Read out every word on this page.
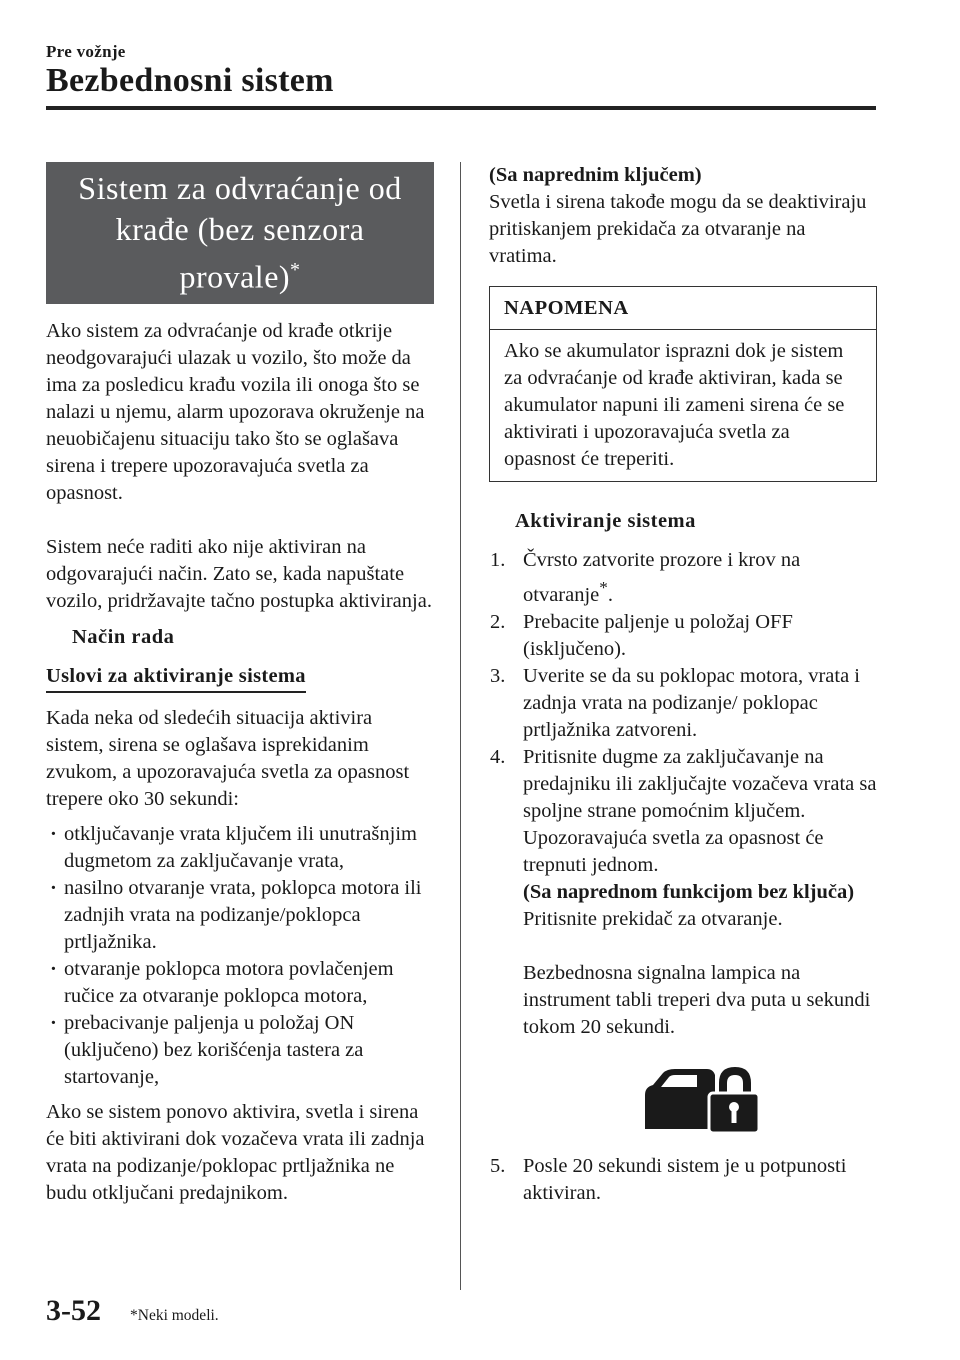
Pre vožnje
Bezbednosni sistem
Sistem za odvraćanje od krađe (bez senzora provale)*

Ako sistem za odvraćanje od krađe otkrije neodgovarajući ulazak u vozilo, što može da ima za posledicu krađu vozila ili onoga što se nalazi u njemu, alarm upozorava okruženje na neuobičajenu situaciju tako što se oglašava sirena i trepere upozoravajuća svetla za opasnost.

Sistem neće raditi ako nije aktiviran na odgovarajući način. Zato se, kada napuštate vozilo, pridržavajte tačno postupka aktiviranja.

Način rada
Uslovi za aktiviranje sistema

Kada neka od sledećih situacija aktivira sistem, sirena se oglašava isprekidanim zvukom, a upozoravajuća svetla za opasnost trepere oko 30 sekundi:

· otključavanje vrata ključem ili unutrašnjim dugmetom za zaključavanje vrata,
· nasilno otvaranje vrata, poklopca motora ili zadnjih vrata na podizanje/poklopca prtljažnika.
· otvaranje poklopca motora povlačenjem ručice za otvaranje poklopca motora,
· prebacivanje paljenja u položaj ON (uključeno) bez korišćenja tastera za startovanje,

Ako se sistem ponovo aktivira, svetla i sirena će biti aktivirani dok vozačeva vrata ili zadnja vrata na podizanje/poklopac prtljažnika ne budu otključani predajnikom.

(Sa naprednim ključem)

Svetla i sirena takođe mogu da se deaktiviraju pritiskanjem prekidača za otvaranje na vratima.

NAPOMENA

Ako se akumulator isprazni dok je sistem za odvraćanje od krađe aktiviran, kada se akumulator napuni ili zameni sirena će se aktivirati i upozoravajuća svetla za opasnost će treperiti.

Aktiviranje sistema
1. Čvrsto zatvorite prozore i krov na otvaranje*.
2. Prebacite paljenje u položaj OFF (isključeno).
3. Uverite se da su poklopac motora, vrata i zadnja vrata na podizanje/ poklopac prtljažnika zatvoreni.
4. Pritisnite dugme za zaključavanje na predajniku ili zaključajte vozačeva vrata sa spoljne strane pomoćnim ključem.
Upozoravajuća svetla za opasnost će trepnuti jednom.
(Sa naprednom funkcijom bez ključa)
Pritisnite prekidač za otvaranje.
Bezbednosna signalna lampica na instrument tabli treperi dva puta u sekundi tokom 20 sekundi.
5. Posle 20 sekundi sistem je u potpunosti aktiviran.
3-52 *Neki modeli.
